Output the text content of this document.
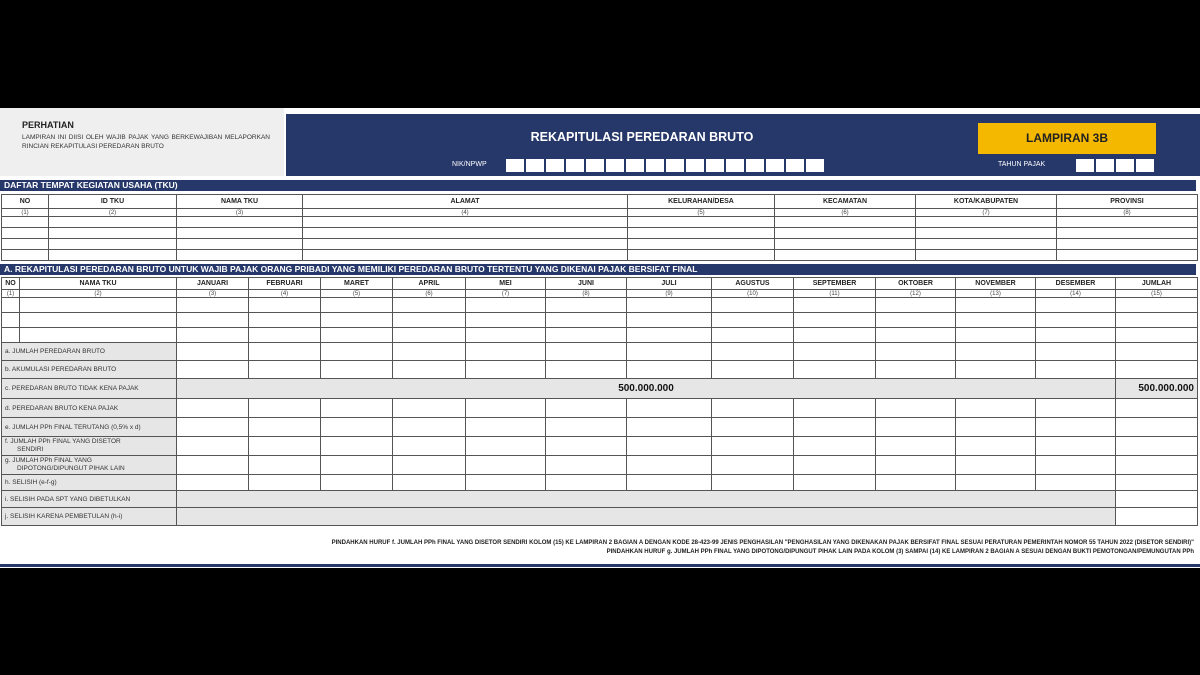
PERHATIAN
LAMPIRAN INI DIISI OLEH WAJIB PAJAK YANG BERKEWAJIBAN MELAPORKAN RINCIAN REKAPITULASI PEREDARAN BRUTO
REKAPITULASI PEREDARAN BRUTO	LAMPIRAN 3B
NIK/NPWP	TAHUN PAJAK
DAFTAR TEMPAT KEGIATAN USAHA (TKU)
NO	ID TKU	NAMA TKU	ALAMAT	KELURAHAN/DESA	KECAMATAN	KOTA/KABUPATEN	PROVINSI
(1)	(2)	(3)	(4)	(5)	(6)	(7)	(8)

A. REKAPITULASI PEREDARAN BRUTO UNTUK WAJIB PAJAK ORANG PRIBADI YANG MEMILIKI PEREDARAN BRUTO TERTENTU YANG DIKENAI PAJAK BERSIFAT FINAL
NO	NAMA TKU	JANUARI	FEBRUARI	MARET	APRIL	MEI	JUNI	JULI	AGUSTUS	SEPTEMBER	OKTOBER	NOVEMBER	DESEMBER	JUMLAH
(1)	(2)	(3)	(4)	(5)	(6)	(7)	(8)	(9)	(10)	(11)	(12)	(13)	(14)	(15)

a. JUMLAH PEREDARAN BRUTO														
b. AKUMULASI PEREDARAN BRUTO														
c. PEREDARAN BRUTO TIDAK KENA PAJAK		500.000.000												500.000.000
d. PEREDARAN BRUTO KENA PAJAK														
e. JUMLAH PPh FINAL TERUTANG (0,5% x d)														

f. JUMLAH PPh FINAL YANG DISETOR
SENDIRI														

g. JUMLAH PPh FINAL YANG
DIPOTONG/DIPUNGUT PIHAK LAIN														

h. SELISIH (e-f-g)														
i. SELISIH PADA SPT YANG DIBETULKAN														
j. SELISIH KARENA PEMBETULAN (h-i)														
PINDAHKAN HURUF f. JUMLAH PPh FINAL YANG DISETOR SENDIRI KOLOM (15) KE LAMPIRAN 2 BAGIAN A DENGAN KODE 28-423-99 JENIS PENGHASILAN "PENGHASILAN YANG DIKENAKAN PAJAK BERSIFAT FINAL SESUAI PERATURAN PEMERINTAH NOMOR 55 TAHUN 2022 (DISETOR SENDIRI)"
PINDAHKAN HURUF g. JUMLAH PPh FINAL YANG DIPOTONG/DIPUNGUT PIHAK LAIN PADA KOLOM (3) SAMPAI (14) KE LAMPIRAN 2 BAGIAN A SESUAI DENGAN BUKTI PEMOTONGAN/PEMUNGUTAN PPh
